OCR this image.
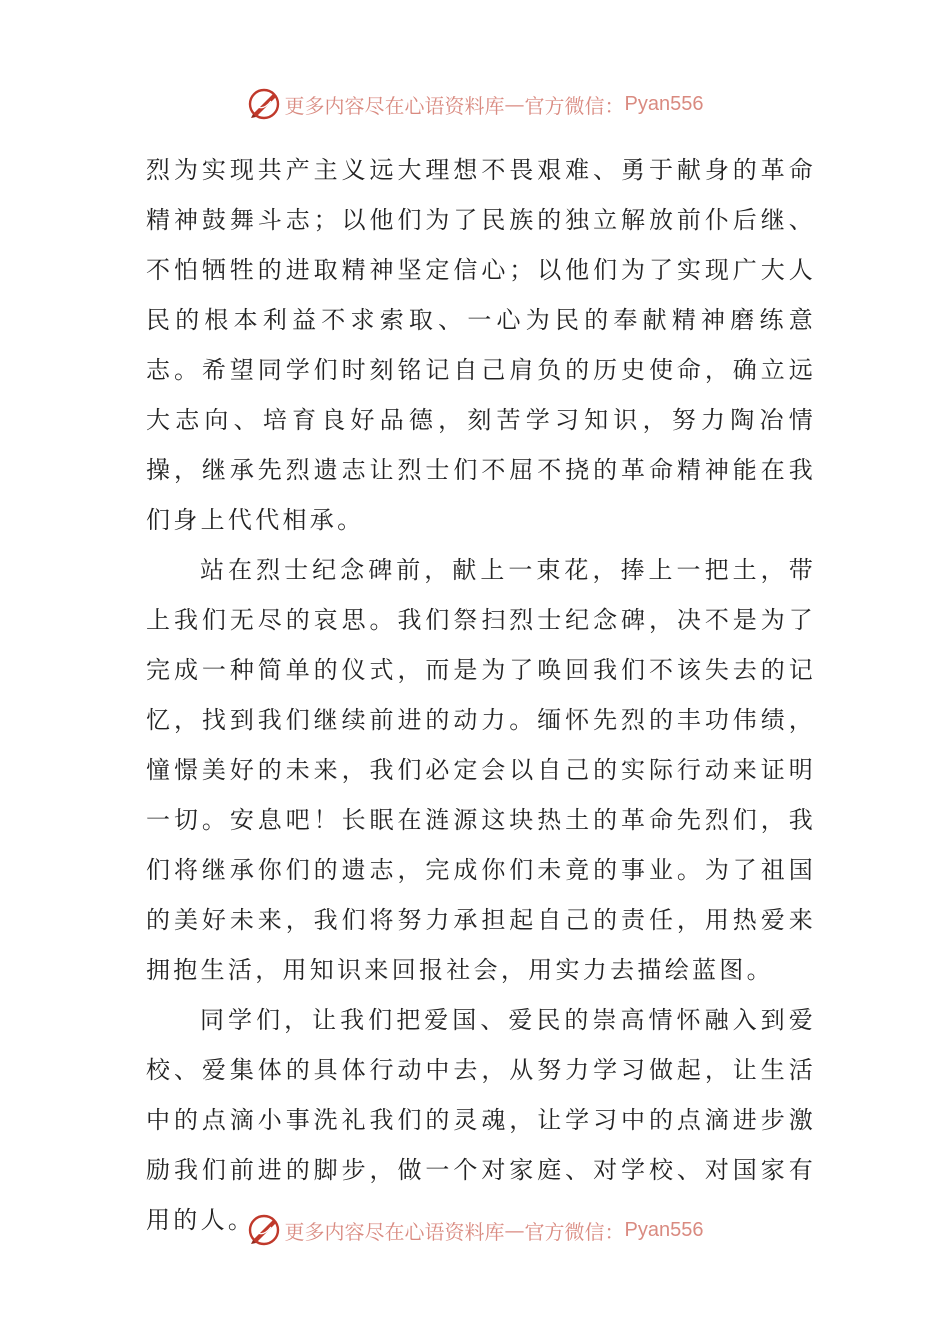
更多内容尽在心语资料库 — 官方微信： Pyan556

烈为实现共产主义远大理想不畏艰难、勇于献身的革命精神鼓舞斗志；以他们为了民族的独立解放前仆后继、不怕牺牲的进取精神坚定信心；以他们为了实现广大人民的根本利益不求索取、一心为民的奉献精神磨练意志。希望同学们时刻铭记自己肩负的历史使命，确立远大志向、培育良好品德，刻苦学习知识，努力陶冶情操，继承先烈遗志让烈士们不屈不挠的革命精神能在我们身上代代相承。

站在烈士纪念碑前，献上一束花，捧上一把土，带上我们无尽的哀思。我们祭扫烈士纪念碑，决不是为了完成一种简单的仪式，而是为了唤回我们不该失去的记忆，找到我们继续前进的动力。缅怀先烈的丰功伟绩，憧憬美好的未来，我们必定会以自己的实际行动来证明一切。安息吧！长眠在涟源这块热土的革命先烈们，我们将继承你们的遗志，完成你们未竟的事业。为了祖国的美好未来，我们将努力承担起自己的责任，用热爱来拥抱生活，用知识来回报社会，用实力去描绘蓝图。

同学们，让我们把爱国、爱民的崇高情怀融入到爱校、爱集体的具体行动中去，从努力学习做起，让生活中的点滴小事洗礼我们的灵魂，让学习中的点滴进步激励我们前进的脚步，做一个对家庭、对学校、对国家有用的人。	更多内容尽在心语资料库 — 官方微信： Pyan556
